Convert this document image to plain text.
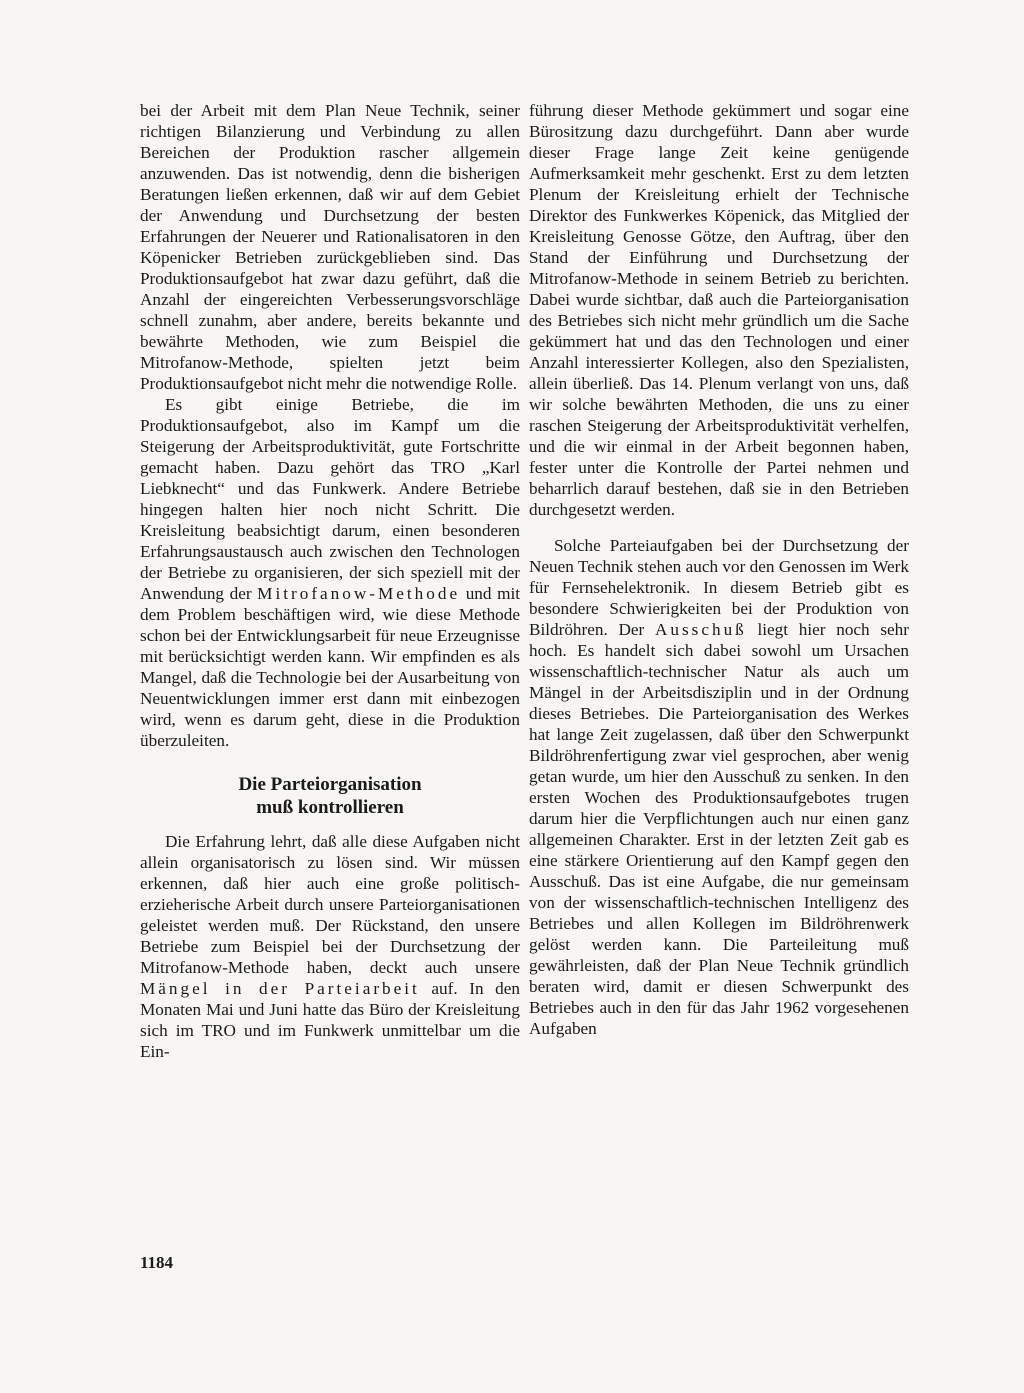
bei der Arbeit mit dem Plan Neue Technik, seiner richtigen Bilanzierung und Verbindung zu allen Bereichen der Produktion rascher allgemein anzuwenden. Das ist notwendig, denn die bisherigen Beratungen ließen erkennen, daß wir auf dem Gebiet der Anwendung und Durchsetzung der besten Erfahrungen der Neuerer und Rationalisatoren in den Köpenicker Betrieben zurückgeblieben sind. Das Produktionsaufgebot hat zwar dazu geführt, daß die Anzahl der eingereichten Verbesserungsvorschläge schnell zunahm, aber andere, bereits bekannte und bewährte Methoden, wie zum Beispiel die Mitrofanow-Methode, spielten jetzt beim Produktionsaufgebot nicht mehr die notwendige Rolle.

Es gibt einige Betriebe, die im Produktionsaufgebot, also im Kampf um die Steigerung der Arbeitsproduktivität, gute Fortschritte gemacht haben. Dazu gehört das TRO „Karl Liebknecht“ und das Funkwerk. Andere Betriebe hingegen halten hier noch nicht Schritt. Die Kreisleitung beabsichtigt darum, einen besonderen Erfahrungsaustausch auch zwischen den Technologen der Betriebe zu organisieren, der sich speziell mit der Anwendung der Mitrofanow-Methode und mit dem Problem beschäftigen wird, wie diese Methode schon bei der Entwicklungsarbeit für neue Erzeugnisse mit berücksichtigt werden kann. Wir empfinden es als Mangel, daß die Technologie bei der Ausarbeitung von Neuentwicklungen immer erst dann mit einbezogen wird, wenn es darum geht, diese in die Produktion überzuleiten.

Die Parteiorganisation
muß kontrollieren

Die Erfahrung lehrt, daß alle diese Aufgaben nicht allein organisatorisch zu lösen sind. Wir müssen erkennen, daß hier auch eine große politisch-erzieherische Arbeit durch unsere Parteiorganisationen geleistet werden muß. Der Rückstand, den unsere Betriebe zum Beispiel bei der Durchsetzung der Mitrofanow-Methode haben, deckt auch unsere Mängel in der Parteiarbeit auf. In den Monaten Mai und Juni hatte das Büro der Kreisleitung sich im TRO und im Funkwerk unmittelbar um die Ein-

führung dieser Methode gekümmert und sogar eine Bürositzung dazu durchgeführt. Dann aber wurde dieser Frage lange Zeit keine genügende Aufmerksamkeit mehr geschenkt. Erst zu dem letzten Plenum der Kreisleitung erhielt der Technische Direktor des Funkwerkes Köpenick, das Mitglied der Kreisleitung Genosse Götze, den Auftrag, über den Stand der Einführung und Durchsetzung der Mitrofanow-Methode in seinem Betrieb zu berichten. Dabei wurde sichtbar, daß auch die Parteiorganisation des Betriebes sich nicht mehr gründlich um die Sache gekümmert hat und das den Technologen und einer Anzahl interessierter Kollegen, also den Spezialisten, allein überließ. Das 14. Plenum verlangt von uns, daß wir solche bewährten Methoden, die uns zu einer raschen Steigerung der Arbeitsproduktivität verhelfen, und die wir einmal in der Arbeit begonnen haben, fester unter die Kontrolle der Partei nehmen und beharrlich darauf bestehen, daß sie in den Betrieben durchgesetzt werden.

Solche Parteiaufgaben bei der Durchsetzung der Neuen Technik stehen auch vor den Genossen im Werk für Fernsehelektronik. In diesem Betrieb gibt es besondere Schwierigkeiten bei der Produktion von Bildröhren. Der Ausschuß liegt hier noch sehr hoch. Es handelt sich dabei sowohl um Ursachen wissenschaftlich-technischer Natur als auch um Mängel in der Arbeitsdisziplin und in der Ordnung dieses Betriebes. Die Parteiorganisation des Werkes hat lange Zeit zugelassen, daß über den Schwerpunkt Bildröhrenfertigung zwar viel gesprochen, aber wenig getan wurde, um hier den Ausschuß zu senken. In den ersten Wochen des Produktionsaufgebotes trugen darum hier die Verpflichtungen auch nur einen ganz allgemeinen Charakter. Erst in der letzten Zeit gab es eine stärkere Orientierung auf den Kampf gegen den Ausschuß. Das ist eine Aufgabe, die nur gemeinsam von der wissenschaftlich-technischen Intelligenz des Betriebes und allen Kollegen im Bildröhrenwerk gelöst werden kann. Die Parteileitung muß gewährleisten, daß der Plan Neue Technik gründlich beraten wird, damit er diesen Schwerpunkt des Betriebes auch in den für das Jahr 1962 vorgesehenen Aufgaben

1184
